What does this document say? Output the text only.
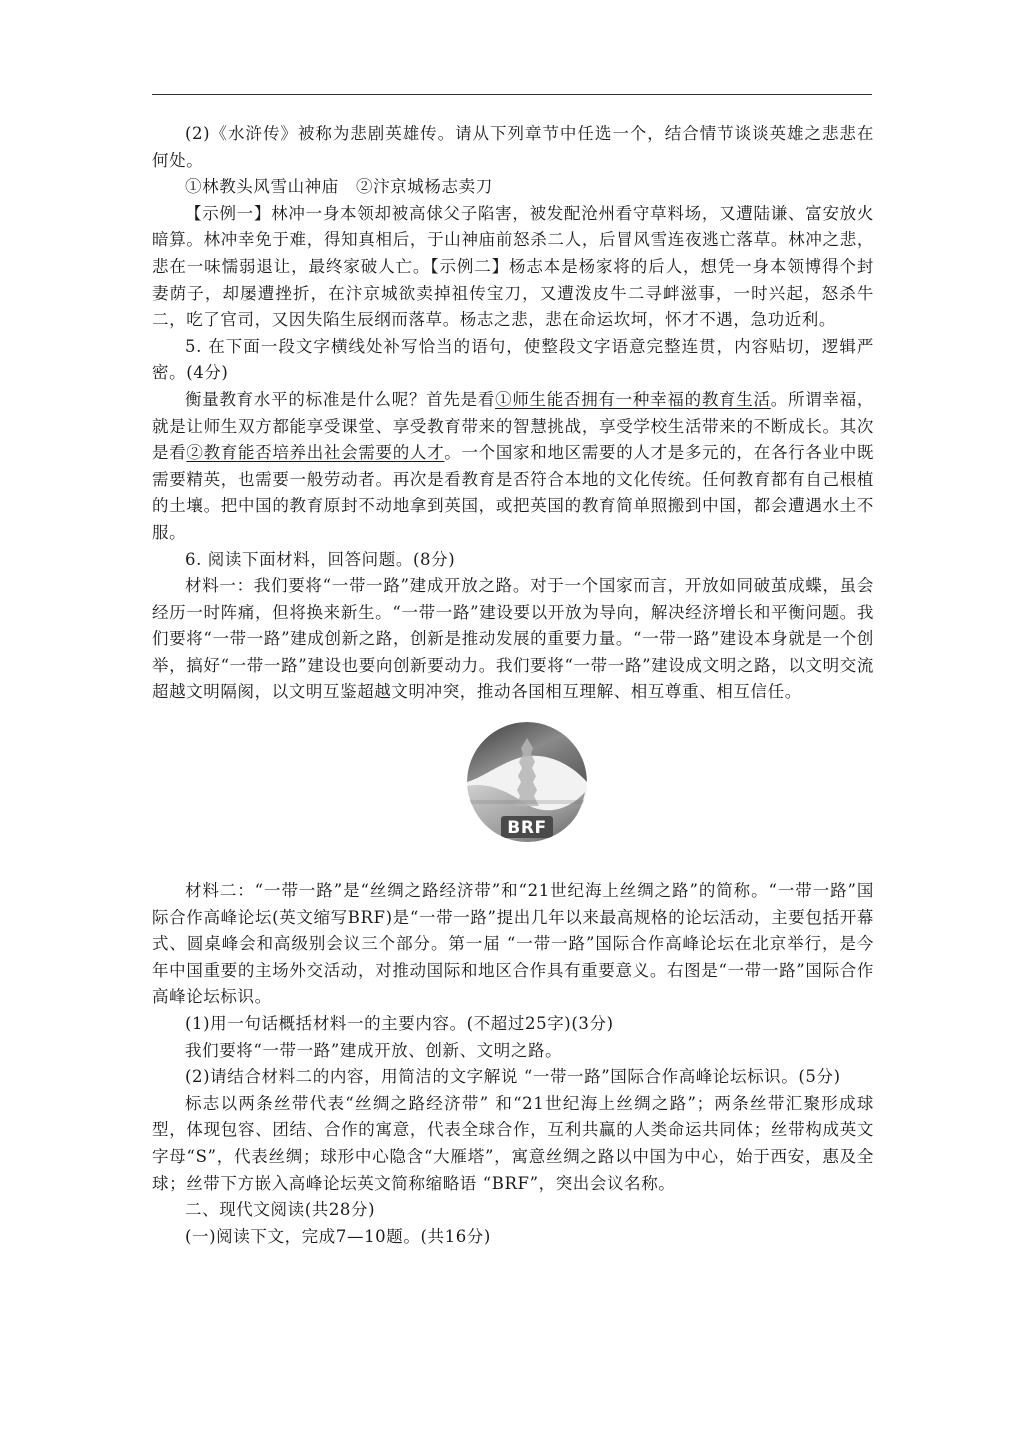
(2)《水浒传》被称为悲剧英雄传。请从下列章节中任选一个，结合情节谈谈英雄之悲悲在何处。

①林教头风雪山神庙　②汴京城杨志卖刀

【示例一】林冲一身本领却被高俅父子陷害，被发配沧州看守草料场，又遭陆谦、富安放火暗算。林冲幸免于难，得知真相后，于山神庙前怒杀二人，后冒风雪连夜逃亡落草。林冲之悲，悲在一味懦弱退让，最终家破人亡。【示例二】杨志本是杨家将的后人，想凭一身本领博得个封妻荫子，却屡遭挫折，在汴京城欲卖掉祖传宝刀，又遭泼皮牛二寻衅滋事，一时兴起，怒杀牛二，吃了官司，又因失陷生辰纲而落草。杨志之悲，悲在命运坎坷，怀才不遇，急功近利。

5. 在下面一段文字横线处补写恰当的语句，使整段文字语意完整连贯，内容贴切，逻辑严密。(4分)

衡量教育水平的标准是什么呢？首先是看①师生能否拥有一种幸福的教育生活。所谓幸福，就是让师生双方都能享受课堂、享受教育带来的智慧挑战，享受学校生活带来的不断成长。其次是看②教育能否培养出社会需要的人才。一个国家和地区需要的人才是多元的，在各行各业中既需要精英，也需要一般劳动者。再次是看教育是否符合本地的文化传统。任何教育都有自己根植的土壤。把中国的教育原封不动地拿到英国，或把英国的教育简单照搬到中国，都会遭遇水土不服。

6. 阅读下面材料，回答问题。(8分)

材料一：我们要将“一带一路”建成开放之路。对于一个国家而言，开放如同破茧成蝶，虽会经历一时阵痛，但将换来新生。“一带一路”建设要以开放为导向，解决经济增长和平衡问题。我们要将“一带一路”建成创新之路，创新是推动发展的重要力量。“一带一路”建设本身就是一个创举，搞好“一带一路”建设也要向创新要动力。我们要将“一带一路”建设成文明之路，以文明交流超越文明隔阂，以文明互鉴超越文明冲突，推动各国相互理解、相互尊重、相互信任。

BRF

材料二：“一带一路”是“丝绸之路经济带”和“21世纪海上丝绸之路”的简称。“一带一路”国际合作高峰论坛(英文缩写BRF)是“一带一路”提出几年以来最高规格的论坛活动，主要包括开幕式、圆桌峰会和高级别会议三个部分。第一届 “一带一路”国际合作高峰论坛在北京举行，是今年中国重要的主场外交活动，对推动国际和地区合作具有重要意义。右图是“一带一路”国际合作高峰论坛标识。

(1)用一句话概括材料一的主要内容。(不超过25字)(3分)

我们要将“一带一路”建成开放、创新、文明之路。

(2)请结合材料二的内容，用简洁的文字解说 “一带一路”国际合作高峰论坛标识。(5分)

标志以两条丝带代表“丝绸之路经济带” 和“21世纪海上丝绸之路”；两条丝带汇聚形成球型，体现包容、团结、合作的寓意，代表全球合作，互利共赢的人类命运共同体；丝带构成英文字母“S”，代表丝绸；球形中心隐含“大雁塔”，寓意丝绸之路以中国为中心，始于西安，惠及全球；丝带下方嵌入高峰论坛英文简称缩略语 “BRF”，突出会议名称。

二、现代文阅读(共28分)

(一)阅读下文，完成7—10题。(共16分)
